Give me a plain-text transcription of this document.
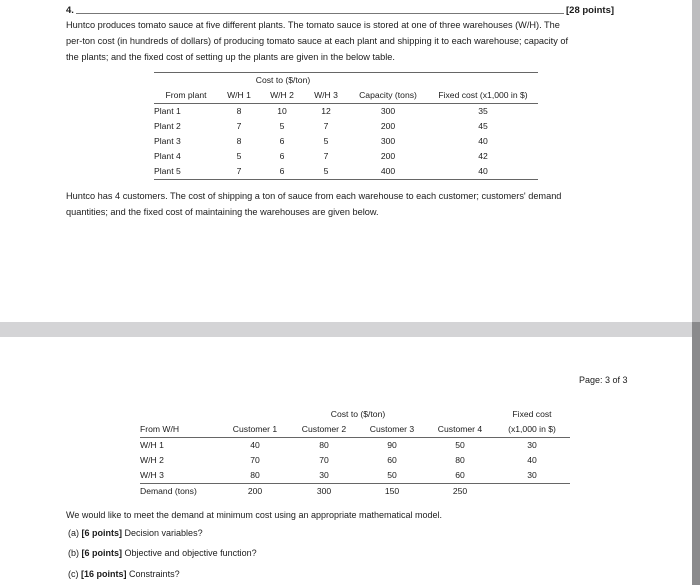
4.	[28 points]
Huntco produces tomato sauce at five different plants. The tomato sauce is stored at one of three warehouses (W/H). The
per-ton cost (in hundreds of dollars) of producing tomato sauce at each plant and shipping it to each warehouse; capacity of
the plants; and the fixed cost of setting up the plants are given in the below table.
	Cost to ($/ton)				
From plant	W/H 1	W/H 2	W/H 3	Capacity (tons)	Fixed cost (x1,000 in $)
Plant 1	8	10	12	300	35
Plant 2	7	5	7	200	45
Plant 3	8	6	5	300	40
Plant 4	5	6	7	200	42
Plant 5	7	6	5	400	40
Huntco has 4 customers. The cost of shipping a ton of sauce from each warehouse to each customer; customers' demand
quantities; and the fixed cost of maintaining the warehouses are given below.
Page: 3 of 3
		Cost to ($/ton)			Fixed cost
From W/H	Customer 1	Customer 2	Customer 3	Customer 4	(x1,000 in $)
W/H 1	40	80	90	50	30
W/H 2	70	70	60	80	40
W/H 3	80	30	50	60	30
Demand (tons)	200	300	150	250	
We would like to meet the demand at minimum cost using an appropriate mathematical model.
(a) [6 points] Decision variables?
(b) [6 points] Objective and objective function?
(c) [16 points] Constraints?
